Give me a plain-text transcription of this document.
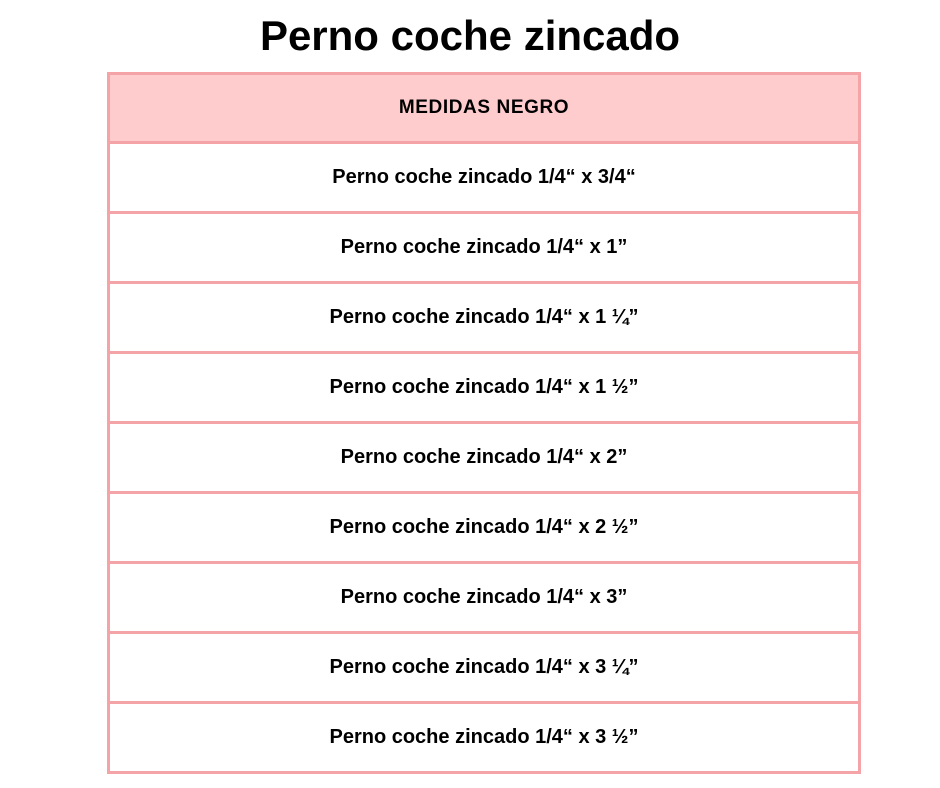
Perno coche zincado
MEDIDAS NEGRO
Perno coche zincado 1/4“ x 3/4“
Perno coche zincado 1/4“ x 1”
Perno coche zincado 1/4“ x 1 ¼”
Perno coche zincado 1/4“ x 1 ½”
Perno coche zincado 1/4“ x 2”
Perno coche zincado 1/4“ x 2 ½”
Perno coche zincado 1/4“ x 3”
Perno coche zincado 1/4“ x 3 ¼”
Perno coche zincado 1/4“ x 3 ½”
